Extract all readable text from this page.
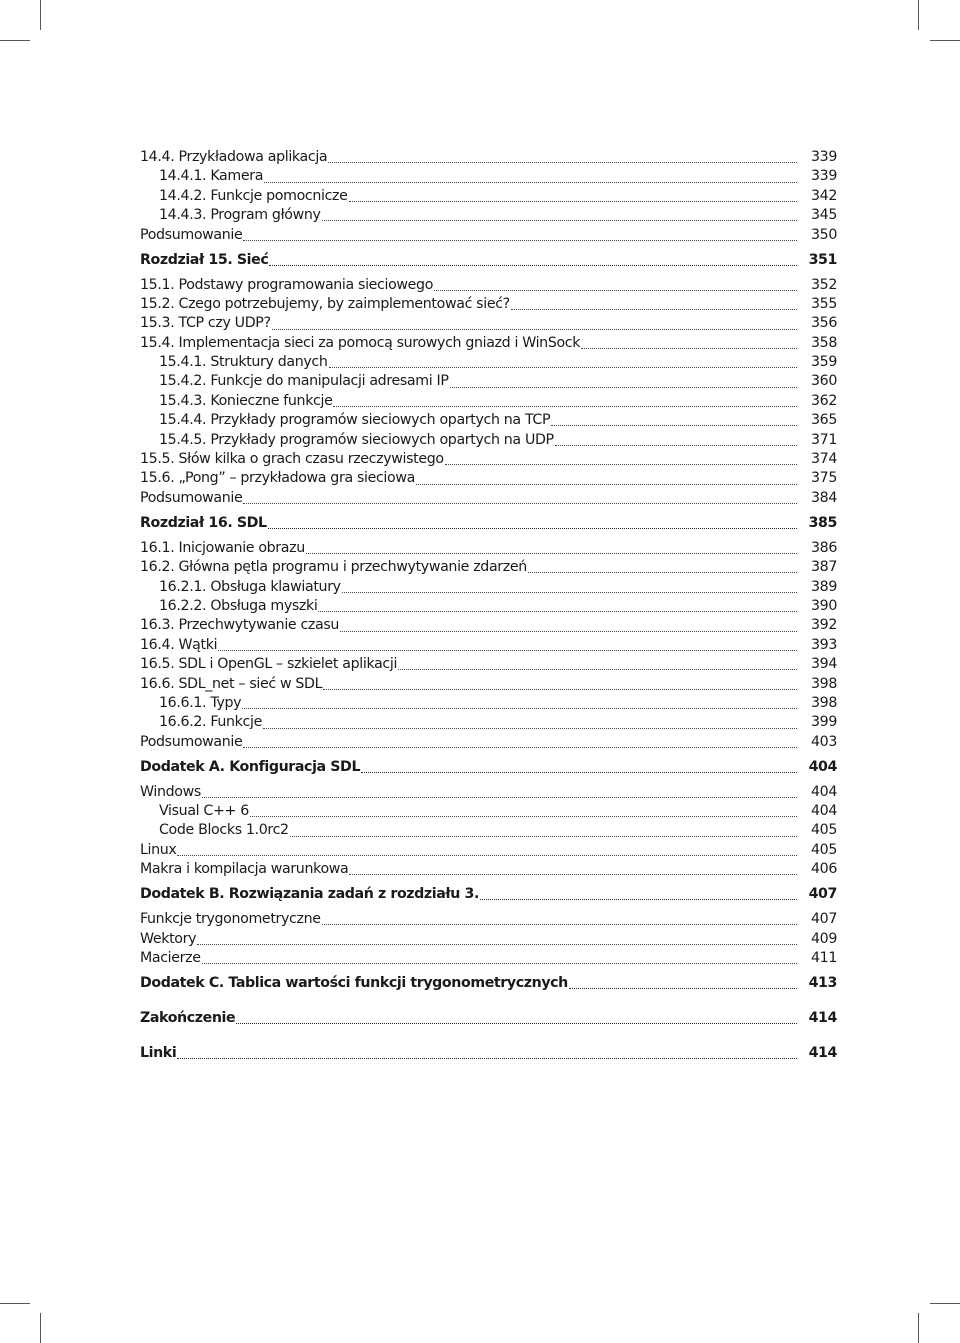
14.4. Przykładowa aplikacja	339
14.4.1. Kamera	339
14.4.2. Funkcje pomocnicze	342
14.4.3. Program główny	345
Podsumowanie	350
Rozdział 15. Sieć	351
15.1. Podstawy programowania sieciowego	352
15.2. Czego potrzebujemy, by zaimplementować sieć?	355
15.3. TCP czy UDP?	356
15.4. Implementacja sieci za pomocą surowych gniazd i WinSock	358
15.4.1. Struktury danych	359
15.4.2. Funkcje do manipulacji adresami IP	360
15.4.3. Konieczne funkcje	362
15.4.4. Przykłady programów sieciowych opartych na TCP	365
15.4.5. Przykłady programów sieciowych opartych na UDP	371
15.5. Słów kilka o grach czasu rzeczywistego	374
15.6. „Pong” – przykładowa gra sieciowa	375
Podsumowanie	384
Rozdział 16. SDL	385
16.1. Inicjowanie obrazu	386
16.2. Główna pętla programu i przechwytywanie zdarzeń	387
16.2.1. Obsługa klawiatury	389
16.2.2. Obsługa myszki	390
16.3. Przechwytywanie czasu	392
16.4. Wątki	393
16.5. SDL i OpenGL – szkielet aplikacji	394
16.6. SDL_net – sieć w SDL	398
16.6.1. Typy	398
16.6.2. Funkcje	399
Podsumowanie	403
Dodatek A. Konfiguracja SDL	404
Windows	404
Visual C++ 6	404
Code Blocks 1.0rc2	405
Linux	405
Makra i kompilacja warunkowa	406
Dodatek B. Rozwiązania zadań z rozdziału 3.	407
Funkcje trygonometryczne	407
Wektory	409
Macierze	411
Dodatek C. Tablica wartości funkcji trygonometrycznych	413
Zakończenie	414
Linki	414
